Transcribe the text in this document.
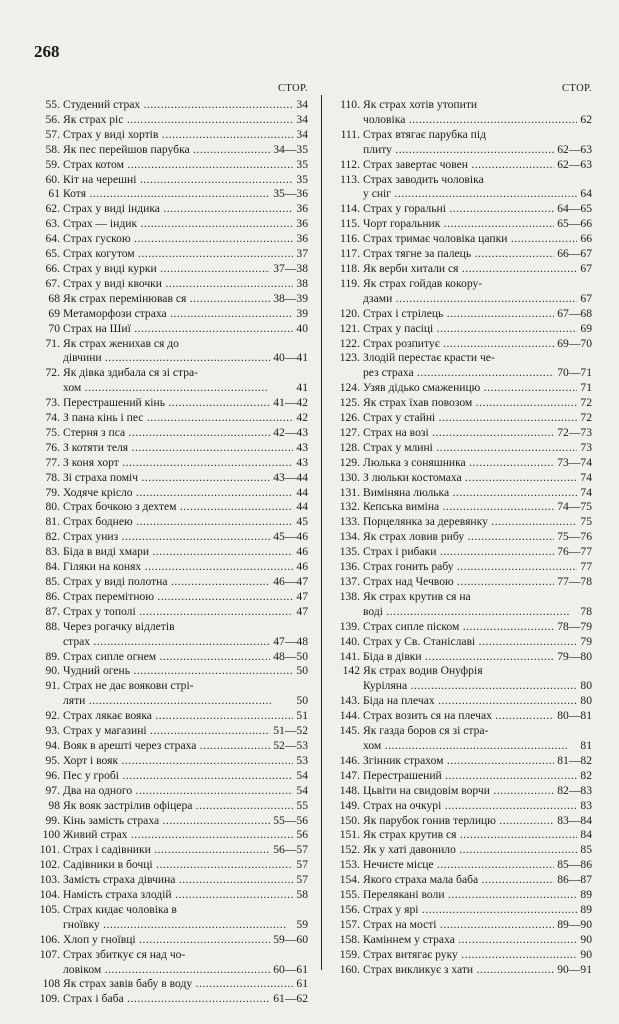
268
СТОР.
55. Студений страх .....	34
56. Як страх ріс .....	34
57. Страх у виді хортів .....	34
58. Як пес перейшов парубка .....	34—35
59. Страх котом .....	35
60. Кіт на черешні .....	35
61 Котя .....	35—36
62. Страх у виді індика .....	36
63. Страх — індик .....	36
64. Страх гускою .....	36
65. Страх когутом .....	37
66. Страх у виді курки .....	37—38
67. Страх у виді квочки .....	38
68 Як страх перемінював ся .....	38—39
69 Метаморфози страха .....	39
70 Страх на Шиї .....	40
71. Як страх женихав ся до
дівчини .....	40—41
72. Як дівка здибала ся зі стра-
хом .....	41
73. Перестрашений кінь .....	41—42
74. З пана кінь і пес .....	42
75. Стерня з пса .....	42—43
76. З котяти теля .....	43
77. З коня хорт .....	43
78. Зі страха поміч .....	43—44
79. Ходяче крісло .....	44
80. Страх бочкою з дехтем .....	44
81. Страх боднею .....	45
82. Страх униз .....	45—46
83. Біда в виді хмари .....	46
84. Гіляки на конях .....	46
85. Страх у виді полотна .....	46—47
86. Страх перемітною .....	47
87. Страх у тополі .....	47
88. Через рогачку відлетів
страх .....	47—48
89. Страх сипле огнем .....	48—50
90. Чудний огень .....	50
91. Страх не дає воякови стрі-
ляти .....	50
92. Страх лякає вояка .....	51
93. Страх у магазині .....	51—52
94. Вояк в арешті через страха .....	52—53
95. Хорт і вояк .....	53
96. Пес у гробі .....	54
97. Два на одного .....	54
98 Як вояк застрілив офіцера .....	55
99. Кінь замість страха .....	55—56
100 Живий страх .....	56
101. Страх і садівники .....	56—57
102. Садівники в бочці .....	57
103. Замість страха дівчина .....	57
104. Намість страха злодій .....	58
105. Страх кидає чоловіка в
гноївку .....	59
106. Хлоп у гноївці .....	59—60
107. Страх збиткує ся над чо-
ловіком .....	60—61
108 Як страх завів бабу в воду .....	61
109. Страх і баба .....	61—62
СТОР.
110. Як страх хотів утопити
чоловіка .....	62
111. Страх втягає парубка під
плиту .....	62—63
112. Страх завертає човен .....	62—63
113. Страх заводить чоловіка
у сніг .....	64
114. Страх у горальні .....	64—65
115. Чорт горальник .....	65—66
116. Страх тримає чоловіка цапки .....	66
117. Страх тягне за палець .....	66—67
118. Як верби хитали ся .....	67
119. Як страх гойдав кокору-
дзами .....	67
120. Страх і стрілець .....	67—68
121. Страх у пасіці .....	69
122. Страх розпитує .....	69—70
123. Злодій перестає красти че-
рез страха .....	70—71
124. Узяв дідько смаженицю .....	71
125. Як страх їхав повозом .....	72
126. Страх у стайні .....	72
127. Страх на возі .....	72—73
128. Страх у млині .....	73
129. Люлька з соняшника .....	73—74
130. З люльки костомаха .....	74
131. Виміняна люлька .....	74
132. Кепська виміна .....	74—75
133. Порцелянка за деревянку .....	75
134. Як страх ловив рибу .....	75—76
135. Страх і рибаки .....	76—77
136. Страх гонить рабу .....	77
137. Страх над Чечвою .....	77—78
138. Як страх крутив ся на
воді .....	78
139. Страх сипле піском .....	78—79
140. Страх у Св. Станіславі .....	79
141. Біда в дівки .....	79—80
142 Як страх водив Онуфрія
Куріляна .....	80
143. Біда на плечах .....	80
144. Страх возить ся на плечах .....	80—81
145. Як газда боров ся зі стра-
хом .....	81
146. Згінник страхом .....	81—82
147. Перестрашений .....	82
148. Цьвіти на свидовім ворчи .....	82—83
149. Страх на очкурі .....	83
150. Як парубок гонив терлицю .....	83—84
151. Як страх крутив ся .....	84
152. Як у хаті давонило .....	85
153. Нечисте місце .....	85—86
154. Якого страха мала баба .....	86—87
155. Переляканi воли .....	89
156. Страх у ярі .....	89
157. Страх на мості .....	89—90
158. Каміннем у страха .....	90
159. Страх витягає руку .....	90
160. Страх викликує з хати .....	90—91
